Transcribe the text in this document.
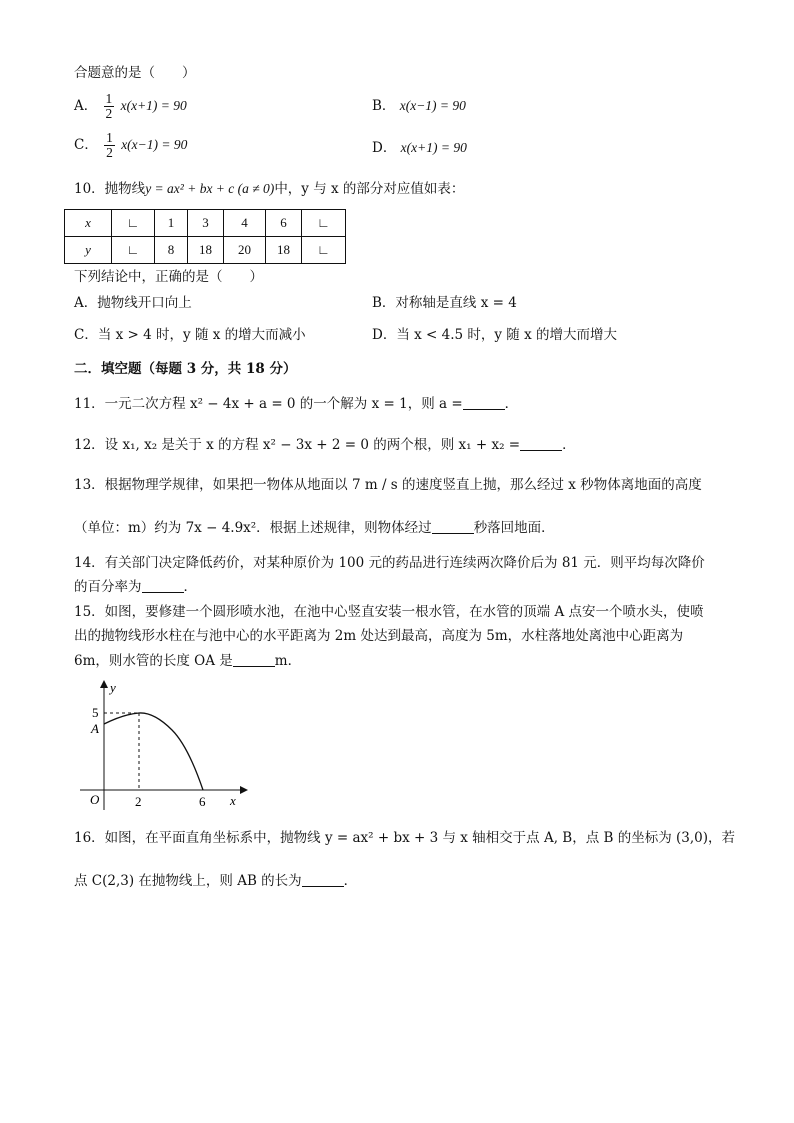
合题意的是（　　）
A． $\frac{1}{2} x(x+1) = 90$	B． x(x−1) = 90
C． $\frac{1}{2} x(x-1) = 90$	D． x(x+1) = 90
10．抛物线y = ax² + bx + c (a ≠ 0)中，y 与 x 的部分对应值如表：
x	∟	1	3	4	6	∟
y	∟	8	18	20	18	∟
下列结论中，正确的是（　　）
A．抛物线开口向上	B．对称轴是直线 x = 4
C．当 x > 4 时，y 随 x 的增大而减小	D．当 x < 4.5 时，y 随 x 的增大而增大
二．填空题（每题 3 分，共 18 分）
11．一元二次方程 x² − 4x + a = 0 的一个解为 x = 1，则 a =	．
12．设 x₁, x₂ 是关于 x 的方程 x² − 3x + 2 = 0 的两个根，则 x₁ + x₂ =	．
13．根据物理学规律，如果把一物体从地面以 7 m / s 的速度竖直上抛，那么经过 x 秒物体离地面的高度
（单位：m）约为 7x − 4.9x²．根据上述规律，则物体经过	秒落回地面．
14．有关部门决定降低药价，对某种原价为 100 元的药品进行连续两次降价后为 81 元．则平均每次降价
的百分率为	．
15．如图，要修建一个圆形喷水池，在池中心竖直安装一根水管，在水管的顶端 A 点安一个喷水头，使喷
出的抛物线形水柱在与池中心的水平距离为 2m 处达到最高，高度为 5m，水柱落地处离池中心距离为
6m，则水管的长度 OA 是	m．
y
x
O
5
A
2	6
16．如图，在平面直角坐标系中，抛物线 y = ax² + bx + 3 与 x 轴相交于点 A, B，点 B 的坐标为 (3,0)，若
点 C(2,3) 在抛物线上，则 AB 的长为	．
